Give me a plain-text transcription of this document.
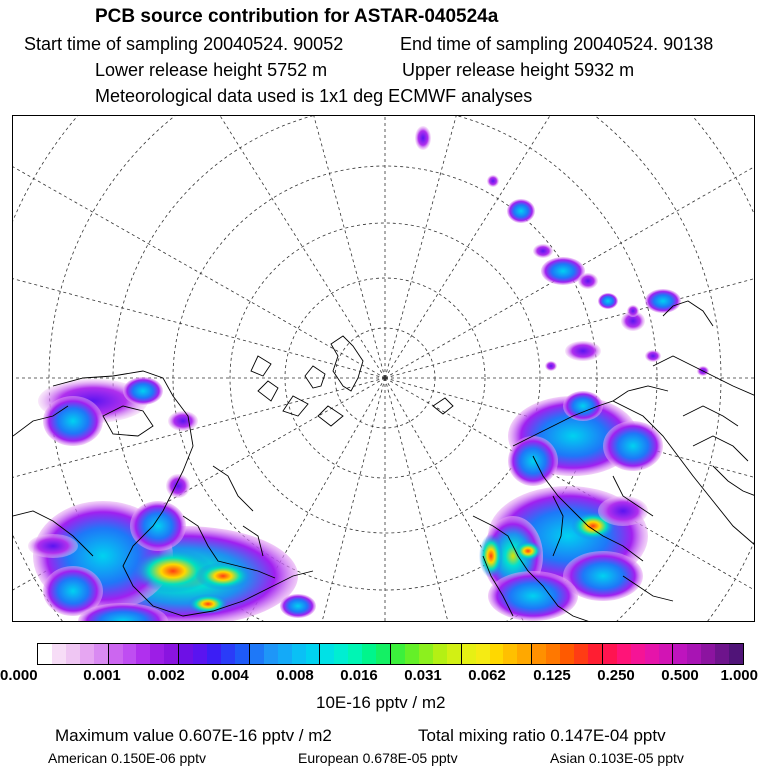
PCB source contribution for ASTAR-040524a
Start time of sampling 20040524. 90052	End time of sampling 20040524. 90138
Lower release height 5752 m	Upper release height 5932 m
Meteorological data used is 1x1 deg ECMWF analyses
0.000	0.001 0.002 0.004 0.008 0.016 0.031 0.062 0.125 0.250 0.500 1.000
10E-16 pptv / m2
Maximum value 0.607E-16 pptv / m2	Total mixing ratio 0.147E-04 pptv
American 0.150E-06 pptv	European 0.678E-05 pptv	Asian 0.103E-05 pptv
